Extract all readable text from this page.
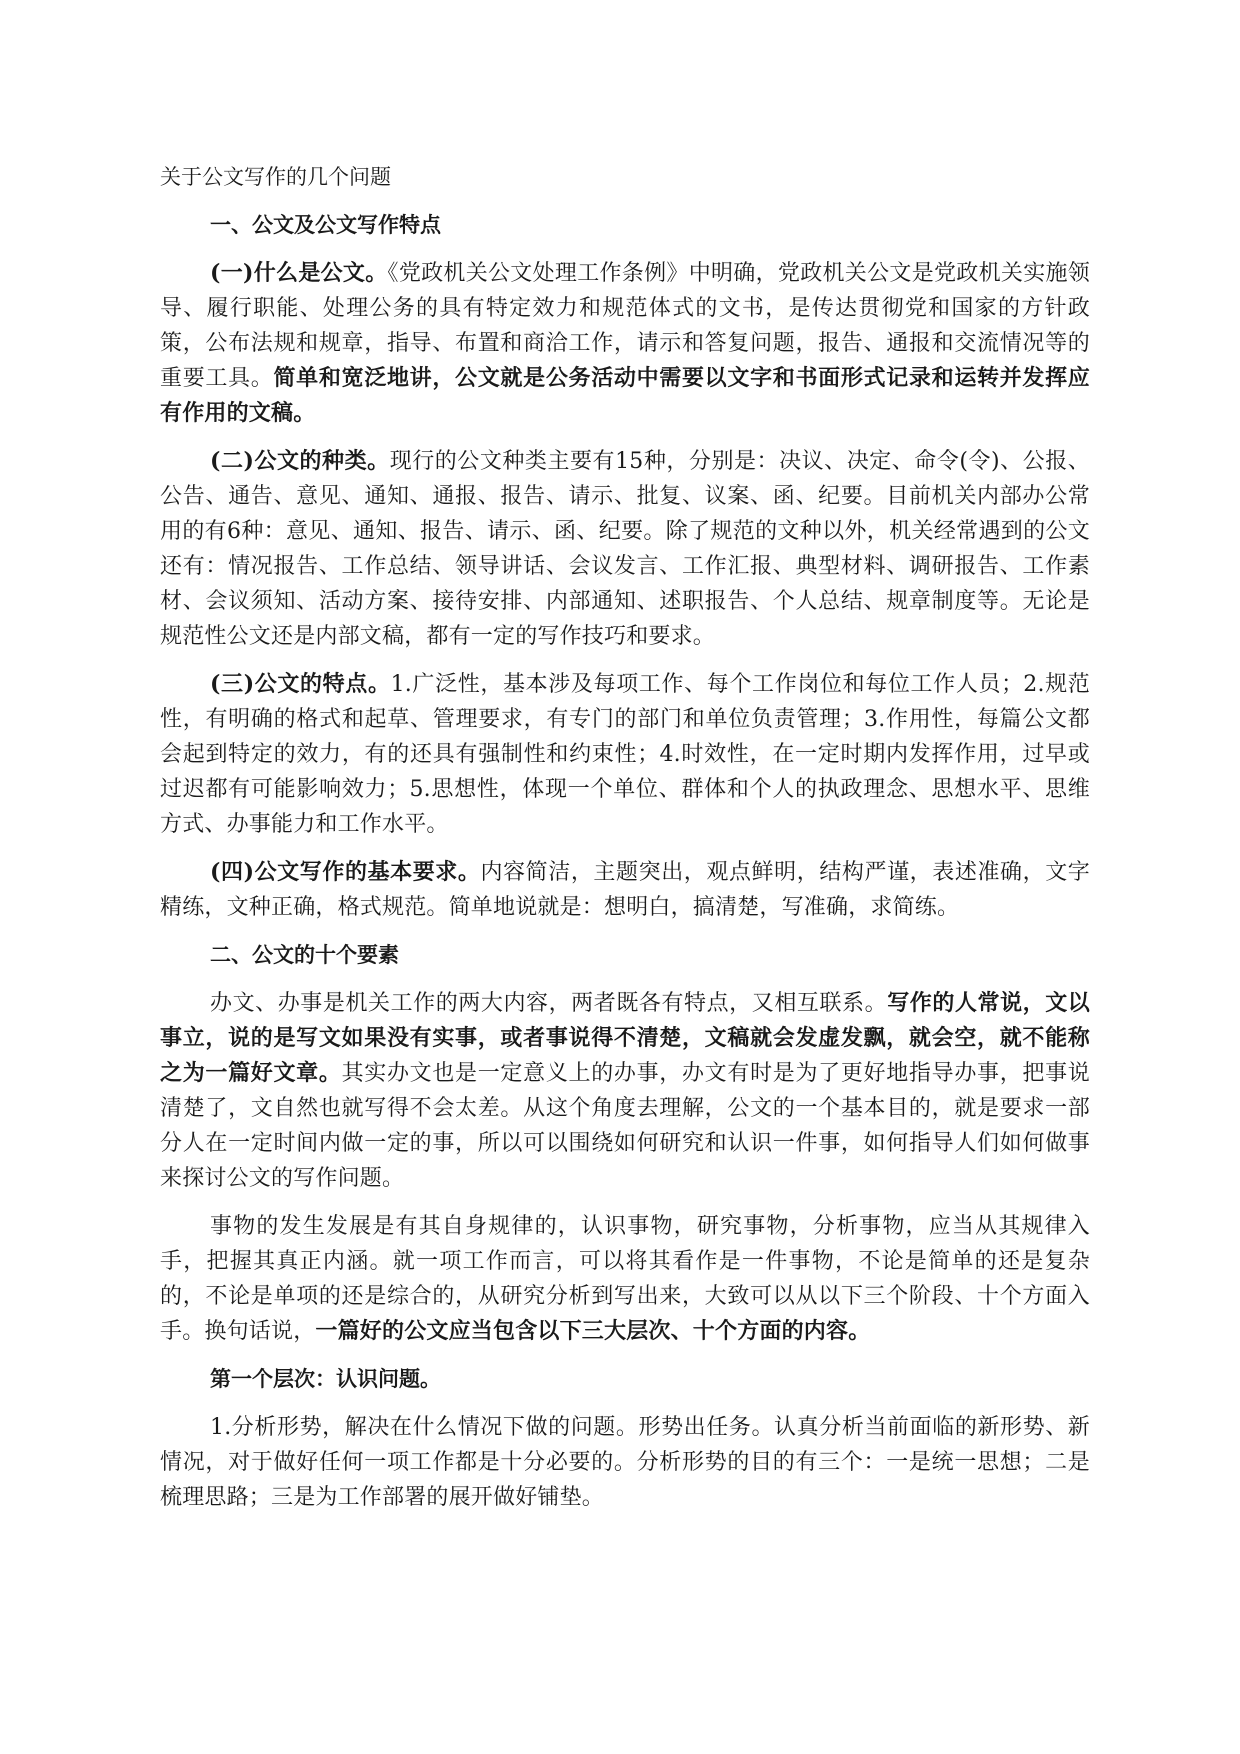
关于公文写作的几个问题
一、公文及公文写作特点

(一)什么是公文。《党政机关公文处理工作条例》中明确，党政机关公文是党政机关实施领导、履行职能、处理公务的具有特定效力和规范体式的文书，是传达贯彻党和国家的方针政策，公布法规和规章，指导、布置和商洽工作，请示和答复问题，报告、通报和交流情况等的重要工具。简单和宽泛地讲，公文就是公务活动中需要以文字和书面形式记录和运转并发挥应有作用的文稿。

(二)公文的种类。现行的公文种类主要有15种，分别是：决议、决定、命令(令)、公报、公告、通告、意见、通知、通报、报告、请示、批复、议案、函、纪要。目前机关内部办公常用的有6种：意见、通知、报告、请示、函、纪要。除了规范的文种以外，机关经常遇到的公文还有：情况报告、工作总结、领导讲话、会议发言、工作汇报、典型材料、调研报告、工作素材、会议须知、活动方案、接待安排、内部通知、述职报告、个人总结、规章制度等。无论是规范性公文还是内部文稿，都有一定的写作技巧和要求。

(三)公文的特点。1.广泛性，基本涉及每项工作、每个工作岗位和每位工作人员；2.规范性，有明确的格式和起草、管理要求，有专门的部门和单位负责管理；3.作用性，每篇公文都会起到特定的效力，有的还具有强制性和约束性；4.时效性，在一定时期内发挥作用，过早或过迟都有可能影响效力；5.思想性，体现一个单位、群体和个人的执政理念、思想水平、思维方式、办事能力和工作水平。

(四)公文写作的基本要求。内容简洁，主题突出，观点鲜明，结构严谨，表述准确，文字精练，文种正确，格式规范。简单地说就是：想明白，搞清楚，写准确，求简练。

二、公文的十个要素

办文、办事是机关工作的两大内容，两者既各有特点，又相互联系。写作的人常说，文以事立，说的是写文如果没有实事，或者事说得不清楚，文稿就会发虚发飘，就会空，就不能称之为一篇好文章。其实办文也是一定意义上的办事，办文有时是为了更好地指导办事，把事说清楚了，文自然也就写得不会太差。从这个角度去理解，公文的一个基本目的，就是要求一部分人在一定时间内做一定的事，所以可以围绕如何研究和认识一件事，如何指导人们如何做事来探讨公文的写作问题。

事物的发生发展是有其自身规律的，认识事物，研究事物，分析事物，应当从其规律入手，把握其真正内涵。就一项工作而言，可以将其看作是一件事物，不论是简单的还是复杂的，不论是单项的还是综合的，从研究分析到写出来，大致可以从以下三个阶段、十个方面入手。换句话说，一篇好的公文应当包含以下三大层次、十个方面的内容。

第一个层次：认识问题。

1.分析形势，解决在什么情况下做的问题。形势出任务。认真分析当前面临的新形势、新情况，对于做好任何一项工作都是十分必要的。分析形势的目的有三个：一是统一思想；二是梳理思路；三是为工作部署的展开做好铺垫。
